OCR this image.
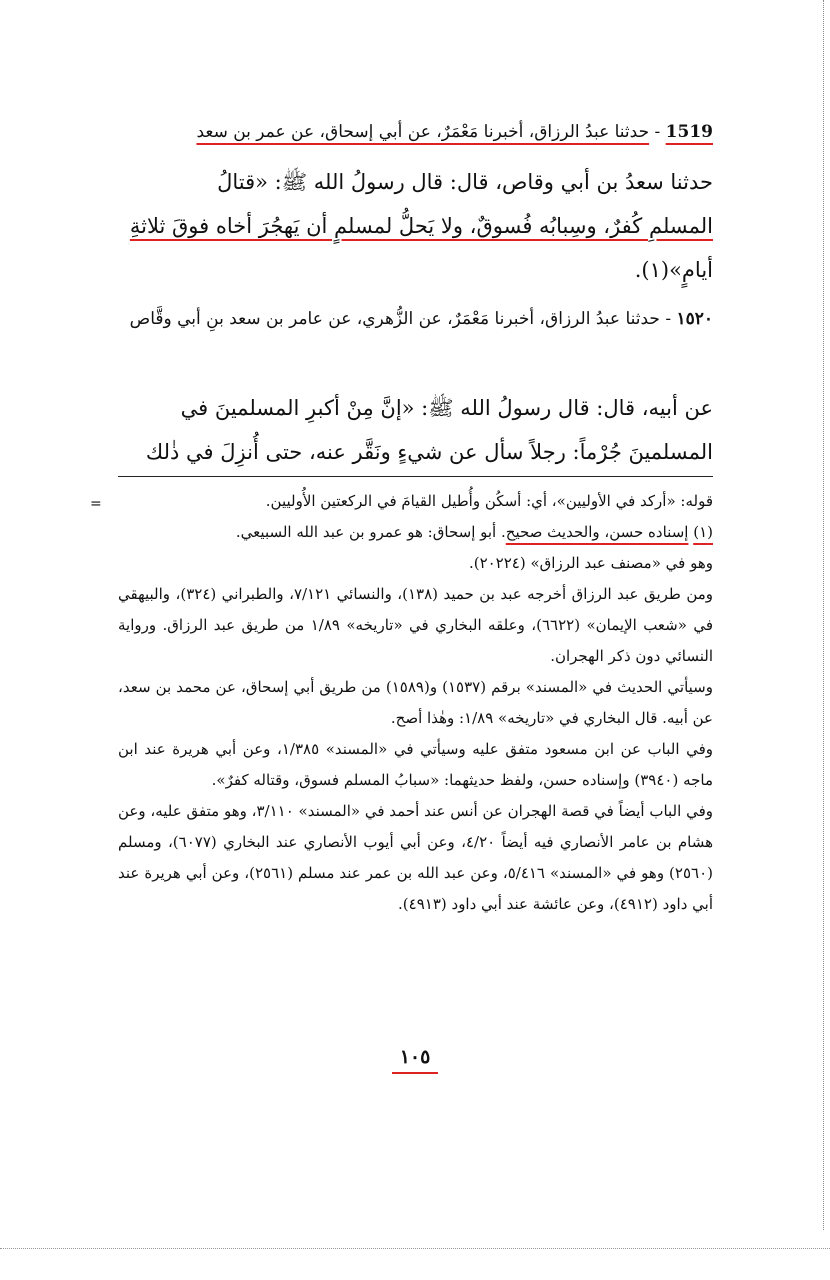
1519 - حدثنا عبدُ الرزاق، أخبرنا مَعْمَرٌ، عن أبي إسحاق، عن عمر بن سعد
حدثنا سعدُ بن أبي وقاص، قال: قال رسولُ الله ﷺ: «قتالُ
المسلمِ كُفرٌ، وسِبابُه فُسوقٌ، ولا يَحلُّ لمسلمٍ أن يَهجُرَ أخاه فوقَ ثلاثةِ
أيامٍ»(١).
١٥٢٠ - حدثنا عبدُ الرزاق، أخبرنا مَعْمَرٌ، عن الزُّهري، عن عامر بن سعد بنِ أبي وقَّاص
عن أبيه، قال: قال رسولُ الله ﷺ: «إنَّ مِنْ أكبرِ المسلمينَ في
المسلمينَ جُرْماً: رجلاً سأل عن شيءٍ ونَقَّر عنه، حتى أُنزِلَ في ذٰلك
=	قوله: «أركد في الأوليين»، أي: أسكُن وأُطيل القيامَ في الركعتين الأُوليين.
(١) إسناده حسن، والحديث صحيح. أبو إسحاق: هو عمرو بن عبد الله السبيعي.
وهو في «مصنف عبد الرزاق» (٢٠٢٢٤).
ومن طريق عبد الرزاق أخرجه عبد بن حميد (١٣٨)، والنسائي ٧/١٢١، والطبراني (٣٢٤)، والبيهقي في «شعب الإيمان» (٦٦٢٢)، وعلقه البخاري في «تاريخه» ١/٨٩ من طريق عبد الرزاق. ورواية النسائي دون ذكر الهجران.
وسيأتي الحديث في «المسند» برقم (١٥٣٧) و(١٥٨٩) من طريق أبي إسحاق، عن محمد بن سعد، عن أبيه. قال البخاري في «تاريخه» ١/٨٩: وهٰذا أصح.
وفي الباب عن ابن مسعود متفق عليه وسيأتي في «المسند» ١/٣٨٥، وعن أبي هريرة عند ابن ماجه (٣٩٤٠) وإسناده حسن، ولفظ حديثهما: «سبابُ المسلم فسوق، وقتاله كفرٌ».
وفي الباب أيضاً في قصة الهجران عن أنس عند أحمد في «المسند» ٣/١١٠، وهو متفق عليه، وعن هشام بن عامر الأنصاري فيه أيضاً ٤/٢٠، وعن أبي أيوب الأنصاري عند البخاري (٦٠٧٧)، ومسلم (٢٥٦٠) وهو في «المسند» ٥/٤١٦، وعن عبد الله بن عمر عند مسلم (٢٥٦١)، وعن أبي هريرة عند أبي داود (٤٩١٢)، وعن عائشة عند أبي داود (٤٩١٣).
١٠٥
